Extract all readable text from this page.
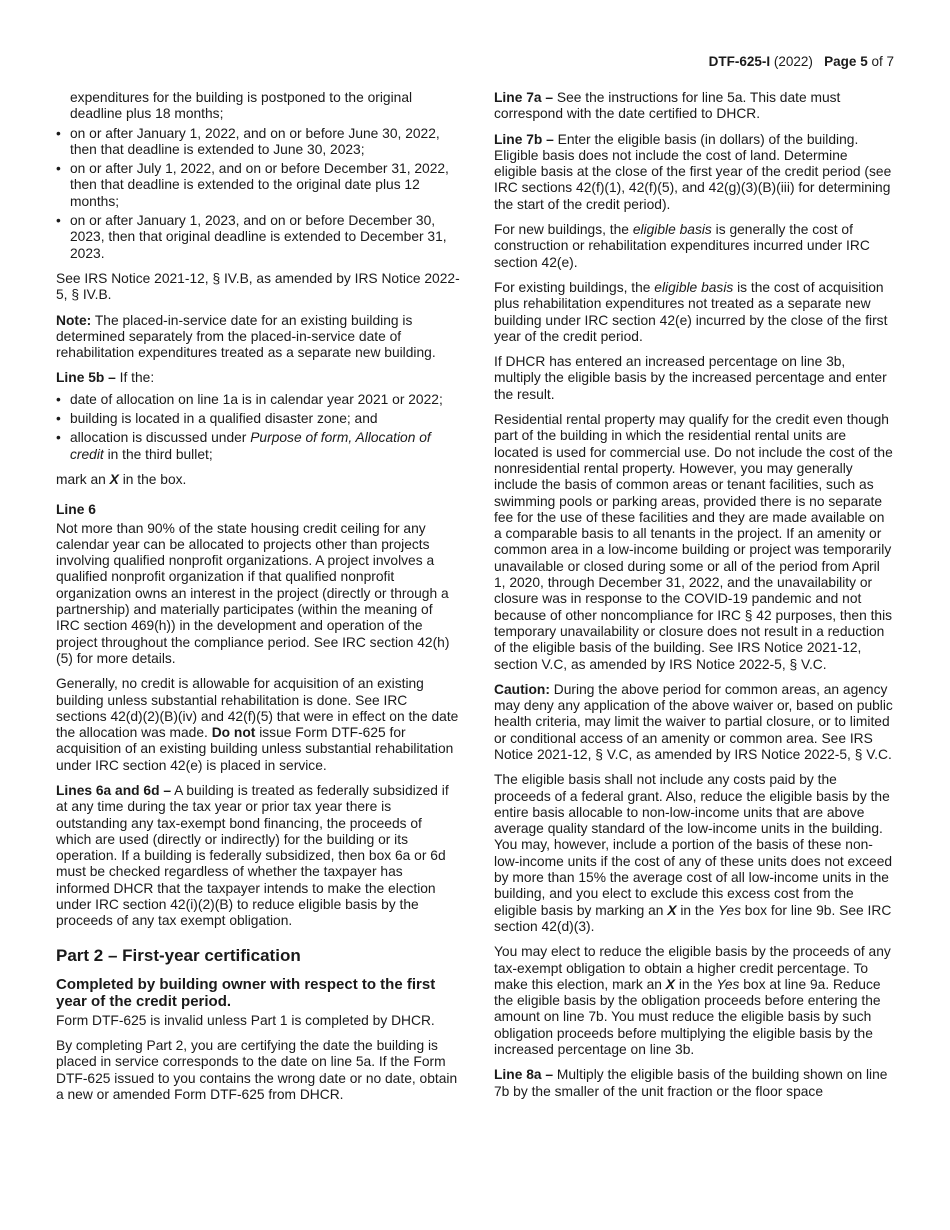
DTF-625-I (2022) Page 5 of 7
expenditures for the building is postponed to the original deadline plus 18 months;
• on or after January 1, 2022, and on or before June 30, 2022, then that deadline is extended to June 30, 2023;
• on or after July 1, 2022, and on or before December 31, 2022, then that deadline is extended to the original date plus 12 months;
• on or after January 1, 2023, and on or before December 30, 2023, then that original deadline is extended to December 31, 2023.

See IRS Notice 2021-12, § IV.B, as amended by IRS Notice 2022-5, § IV.B.

Note: The placed-in-service date for an existing building is determined separately from the placed-in-service date of rehabilitation expenditures treated as a separate new building.

Line 5b – If the:

• date of allocation on line 1a is in calendar year 2021 or 2022;
• building is located in a qualified disaster zone; and
• allocation is discussed under Purpose of form, Allocation of credit in the third bullet;

mark an X in the box.

Line 6

Not more than 90% of the state housing credit ceiling for any calendar year can be allocated to projects other than projects involving qualified nonprofit organizations. A project involves a qualified nonprofit organization if that qualified nonprofit organization owns an interest in the project (directly or through a partnership) and materially participates (within the meaning of IRC section 469(h)) in the development and operation of the project throughout the compliance period. See IRC section 42(h)(5) for more details.

Generally, no credit is allowable for acquisition of an existing building unless substantial rehabilitation is done. See IRC sections 42(d)(2)(B)(iv) and 42(f)(5) that were in effect on the date the allocation was made. Do not issue Form DTF-625 for acquisition of an existing building unless substantial rehabilitation under IRC section 42(e) is placed in service.

Lines 6a and 6d – A building is treated as federally subsidized if at any time during the tax year or prior tax year there is outstanding any tax-exempt bond financing, the proceeds of which are used (directly or indirectly) for the building or its operation. If a building is federally subsidized, then box 6a or 6d must be checked regardless of whether the taxpayer has informed DHCR that the taxpayer intends to make the election under IRC section 42(i)(2)(B) to reduce eligible basis by the proceeds of any tax exempt obligation.

Part 2 – First-year certification
Completed by building owner with respect to the first year of the credit period.

Form DTF-625 is invalid unless Part 1 is completed by DHCR.

By completing Part 2, you are certifying the date the building is placed in service corresponds to the date on line 5a. If the Form DTF-625 issued to you contains the wrong date or no date, obtain a new or amended Form DTF-625 from DHCR.

Line 7a – See the instructions for line 5a. This date must correspond with the date certified to DHCR.

Line 7b – Enter the eligible basis (in dollars) of the building. Eligible basis does not include the cost of land. Determine eligible basis at the close of the first year of the credit period (see IRC sections 42(f)(1), 42(f)(5), and 42(g)(3)(B)(iii) for determining the start of the credit period).

For new buildings, the eligible basis is generally the cost of construction or rehabilitation expenditures incurred under IRC section 42(e).

For existing buildings, the eligible basis is the cost of acquisition plus rehabilitation expenditures not treated as a separate new building under IRC section 42(e) incurred by the close of the first year of the credit period.

If DHCR has entered an increased percentage on line 3b, multiply the eligible basis by the increased percentage and enter the result.

Residential rental property may qualify for the credit even though part of the building in which the residential rental units are located is used for commercial use. Do not include the cost of the nonresidential rental property. However, you may generally include the basis of common areas or tenant facilities, such as swimming pools or parking areas, provided there is no separate fee for the use of these facilities and they are made available on a comparable basis to all tenants in the project. If an amenity or common area in a low-income building or project was temporarily unavailable or closed during some or all of the period from April 1, 2020, through December 31, 2022, and the unavailability or closure was in response to the COVID-19 pandemic and not because of other noncompliance for IRC § 42 purposes, then this temporary unavailability or closure does not result in a reduction of the eligible basis of the building. See IRS Notice 2021-12, section V.C, as amended by IRS Notice 2022-5, § V.C.

Caution: During the above period for common areas, an agency may deny any application of the above waiver or, based on public health criteria, may limit the waiver to partial closure, or to limited or conditional access of an amenity or common area. See IRS Notice 2021-12, § V.C, as amended by IRS Notice 2022-5, § V.C.

The eligible basis shall not include any costs paid by the proceeds of a federal grant. Also, reduce the eligible basis by the entire basis allocable to non-low-income units that are above average quality standard of the low-income units in the building. You may, however, include a portion of the basis of these non-low-income units if the cost of any of these units does not exceed by more than 15% the average cost of all low-income units in the building, and you elect to exclude this excess cost from the eligible basis by marking an X in the Yes box for line 9b. See IRC section 42(d)(3).

You may elect to reduce the eligible basis by the proceeds of any tax-exempt obligation to obtain a higher credit percentage. To make this election, mark an X in the Yes box at line 9a. Reduce the eligible basis by the obligation proceeds before entering the amount on line 7b. You must reduce the eligible basis by such obligation proceeds before multiplying the eligible basis by the increased percentage on line 3b.

Line 8a – Multiply the eligible basis of the building shown on line 7b by the smaller of the unit fraction or the floor space
